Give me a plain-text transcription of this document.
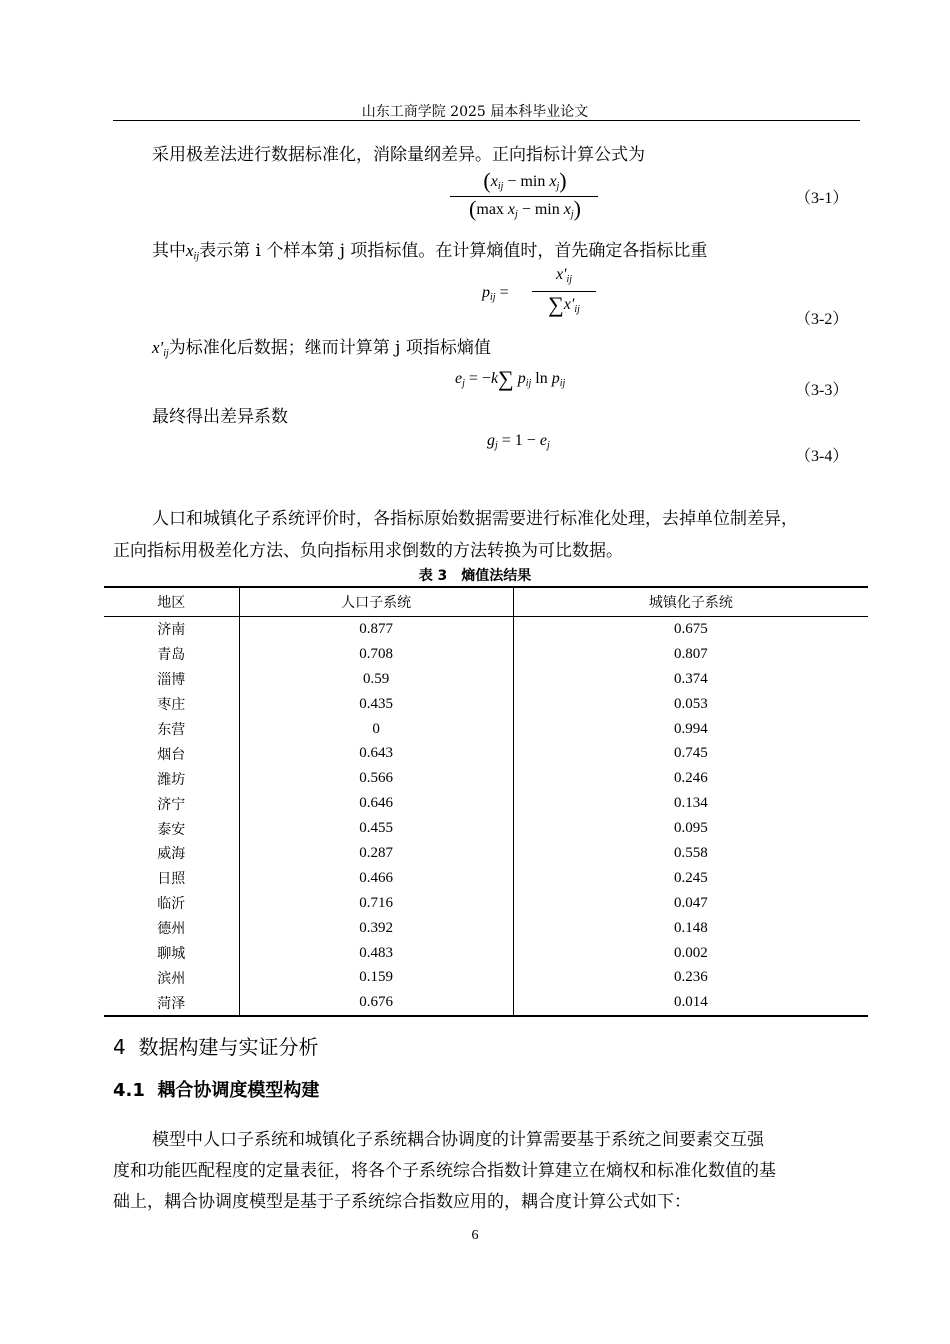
山东工商学院 2025 届本科毕业论文
采用极差法进行数据标准化，消除量纲差异。正向指标计算公式为
$(x_{ij} - \min x_j)$
(max $x_j - \min x_j$)	（3-1）
其中$x_{ij}$表示第 i 个样本第 j 项指标值。在计算熵值时，首先确定各指标比重
$p_{ij}$ =
$x'_{ij}$
$\sum x'_{ij}$
（3-2）
$x'_{ij}$为标准化后数据；继而计算第 j 项指标熵值
$e_j = -k\sum$ $p_{ij}$ $\ln p_{ij}$	（3-3）
最终得出差异系数
$g_j = 1 - e_j$
（3-4）
人口和城镇化子系统评价时，各指标原始数据需要进行标准化处理，去掉单位制差异，
正向指标用极差化方法、负向指标用求倒数的方法转换为可比数据。
表 3　熵值法结果
地区	人口子系统	城镇化子系统
济南	0.877	0.675
青岛	0.708	0.807
淄博	0.59	0.374
枣庄	0.435	0.053
东营	0	0.994
烟台	0.643	0.745
潍坊	0.566	0.246
济宁	0.646	0.134
泰安	0.455	0.095
威海	0.287	0.558
日照	0.466	0.245
临沂	0.716	0.047
德州	0.392	0.148
聊城	0.483	0.002
滨州	0.159	0.236
菏泽	0.676	0.014
4 数据构建与实证分析
4.1 耦合协调度模型构建
模型中人口子系统和城镇化子系统耦合协调度的计算需要基于系统之间要素交互强
度和功能匹配程度的定量表征，将各个子系统综合指数计算建立在熵权和标准化数值的基
础上，耦合协调度模型是基于子系统综合指数应用的，耦合度计算公式如下：
6
